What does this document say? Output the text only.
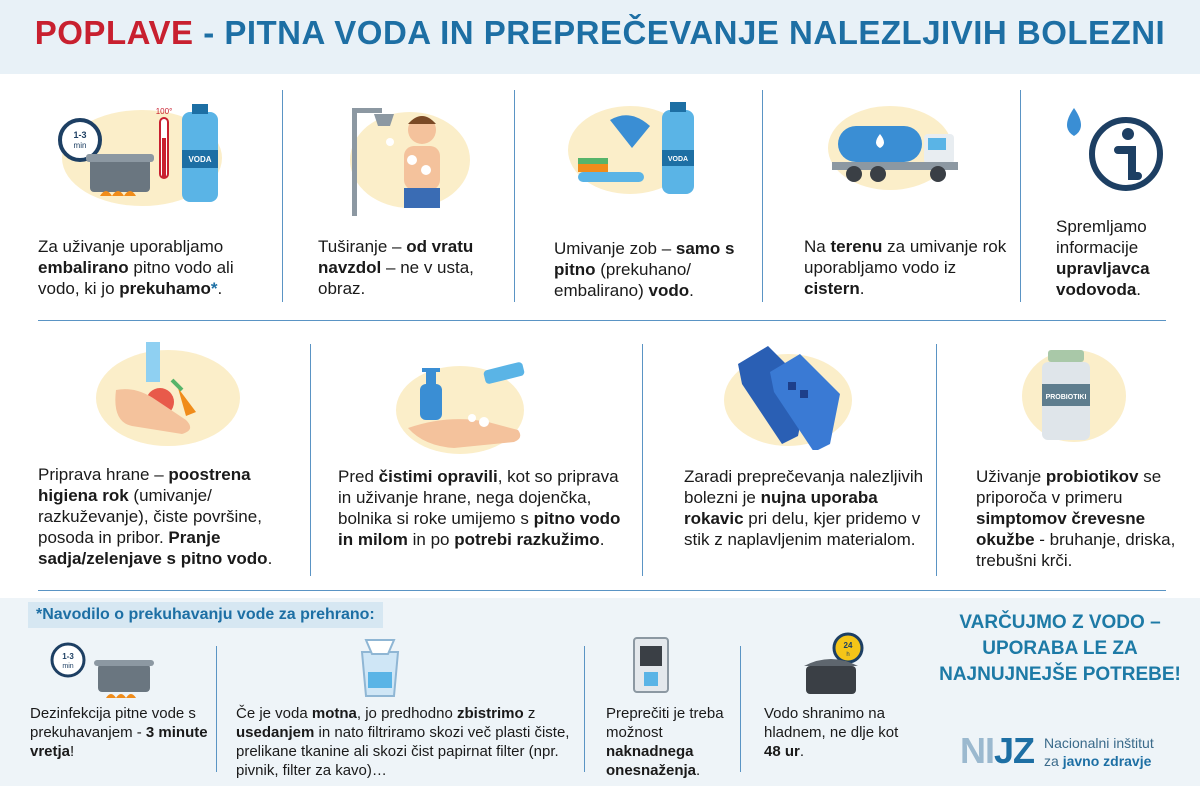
POPLAVE - PITNA VODA IN PREPREČEVANJE NALEZLJIVIH BOLEZNI
1-3
min
100°
VODA	VODA
Za uživanje uporabljamo embalirano pitno vodo ali vodo, ki jo prekuhamo*.
Tuširanje – od vratu navzdol – ne v usta, obraz.
Umivanje zob – samo s pitno (prekuhano/ embalirano) vodo.
Na terenu za umivanje rok uporabljamo vodo iz cistern.
Spremljamo informacije upravljavca vodovoda.
PROBIOTIKI
Priprava hrane – poostrena higiena rok (umivanje/ razkuževanje), čiste površine, posoda in pribor. Pranje sadja/zelenjave s pitno vodo.
Pred čistimi opravili, kot so priprava in uživanje hrane, nega dojenčka, bolnika si roke umijemo s pitno vodo in milom in po potrebi razkužimo.
Zaradi preprečevanja nalezljivih bolezni je nujna uporaba rokavic pri delu, kjer pridemo v stik z naplavljenim materialom.
Uživanje probiotikov se priporoča v primeru simptomov črevesne okužbe - bruhanje, driska, trebušni krči.
*Navodilo o prekuhavanju vode za prehrano:
1-3
min
24
h
Dezinfekcija pitne vode s prekuhavanjem - 3 minute vretja!
Če je voda motna, jo predhodno zbistrimo z usedanjem in nato filtriramo skozi več plasti čiste, prelikane tkanine ali skozi čist papirnat filter (npr. pivnik, filter za kavo)…
Preprečiti je treba možnost naknadnega onesnaženja.
Vodo shranimo na hladnem, ne dlje kot 48 ur.
VARČUJMO Z VODO –
UPORABA LE ZA
NAJNUJNEJŠE POTREBE!
NIJZ Nacionalni inštitut
za javno zdravje
